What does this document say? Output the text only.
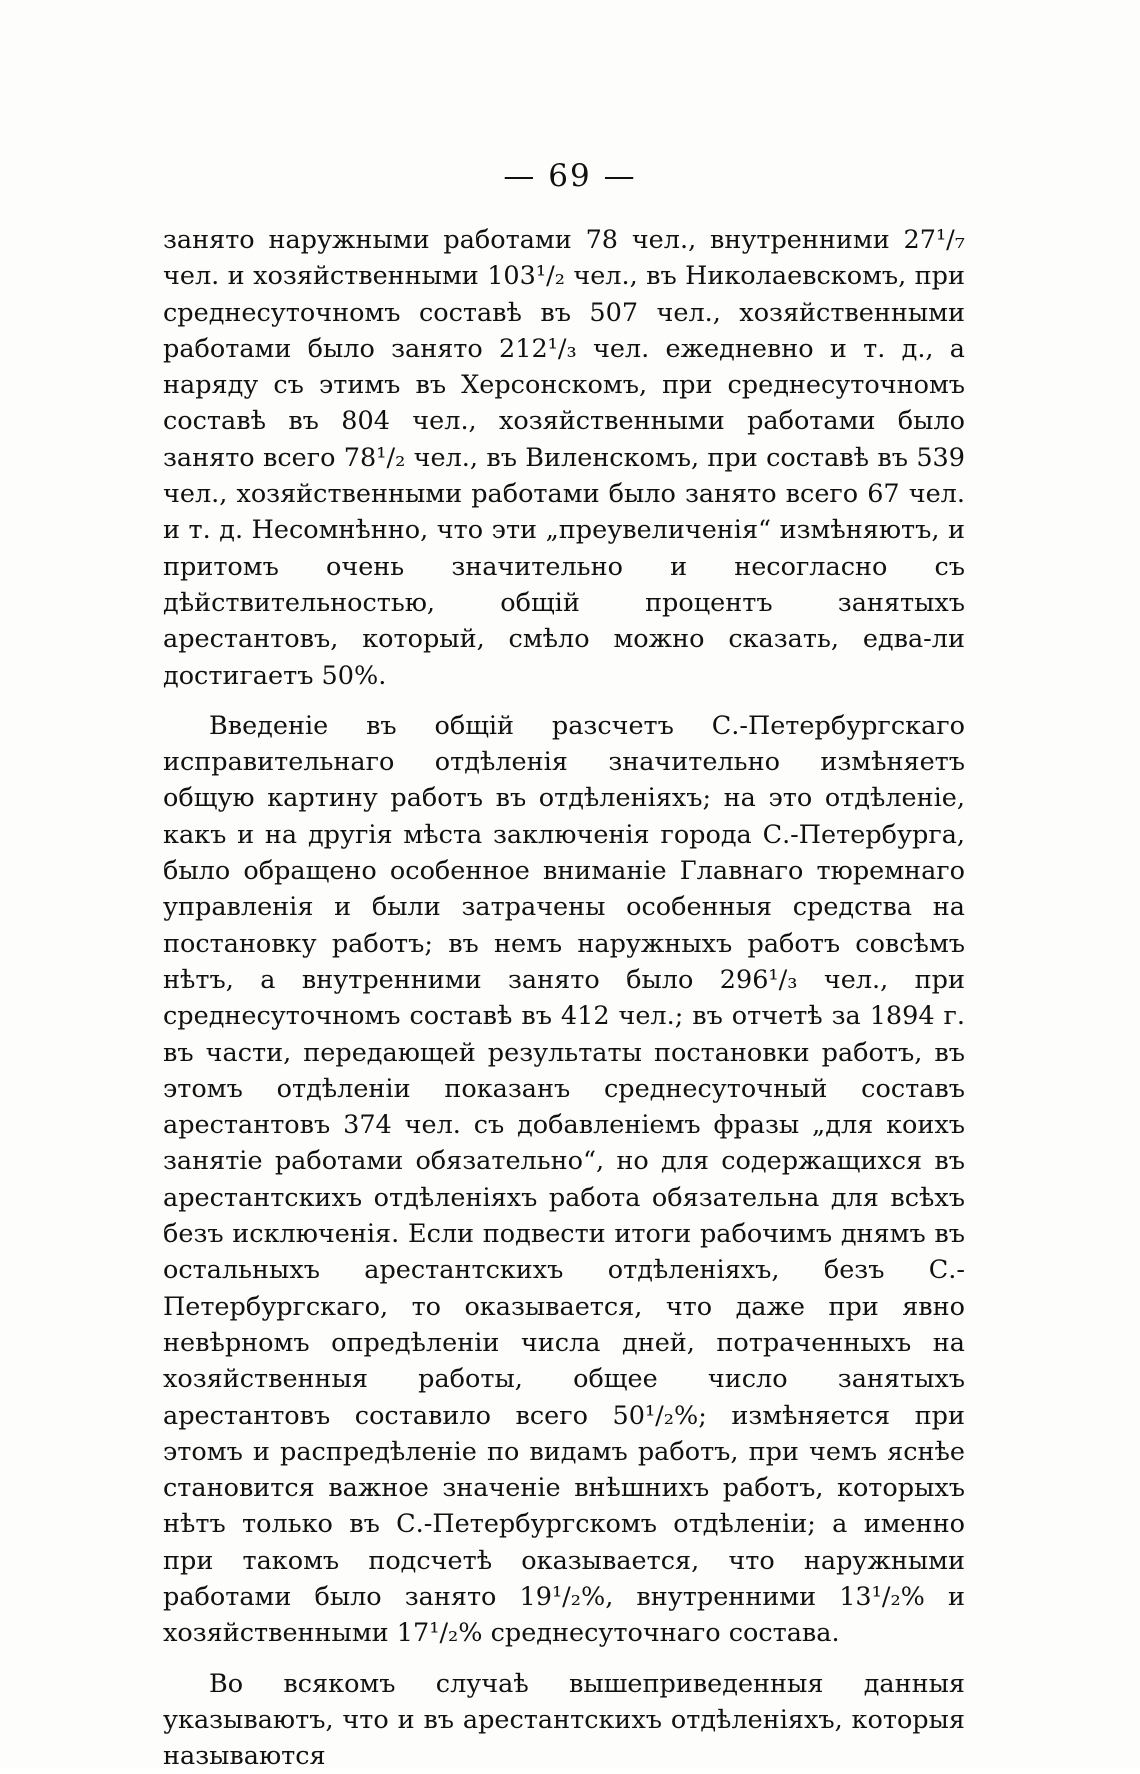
— 69 —

занято наружными работами 78 чел., внутренними 27¹/₇ чел. и хозяйственными 103¹/₂ чел., въ Николаевскомъ, при среднесуточномъ составѣ въ 507 чел., хозяйственными работами было занято 212¹/₃ чел. ежедневно и т. д., а наряду съ этимъ въ Херсонскомъ, при среднесуточномъ составѣ въ 804 чел., хозяйственными работами было занято всего 78¹/₂ чел., въ Виленскомъ, при составѣ въ 539 чел., хозяйственными работами было занято всего 67 чел. и т. д. Несомнѣнно, что эти „преувеличенія“ измѣняютъ, и притомъ очень значительно и несогласно съ дѣйствительностью, общій процентъ занятыхъ арестантовъ, который, смѣло можно сказать, едва-ли достигаетъ 50%.

Введеніе въ общій разсчетъ С.-Петербургскаго исправительнаго отдѣленія значительно измѣняетъ общую картину работъ въ отдѣленіяхъ; на это отдѣленіе, какъ и на другія мѣста заключенія города С.-Петербурга, было обращено особенное вниманіе Главнаго тюремнаго управленія и были затрачены особенныя средства на постановку работъ; въ немъ наружныхъ работъ совсѣмъ нѣтъ, а внутренними занято было 296¹/₃ чел., при среднесуточномъ составѣ въ 412 чел.; въ отчетѣ за 1894 г. въ части, передающей результаты постановки работъ, въ этомъ отдѣленіи показанъ среднесуточный составъ арестантовъ 374 чел. съ добавленіемъ фразы „для коихъ занятіе работами обязательно“, но для содержащихся въ арестантскихъ отдѣленіяхъ работа обязательна для всѣхъ безъ исключенія. Если подвести итоги рабочимъ днямъ въ остальныхъ арестантскихъ отдѣленіяхъ, безъ С.-Петербургскаго, то оказывается, что даже при явно невѣрномъ опредѣленіи числа дней, потраченныхъ на хозяйственныя работы, общее число занятыхъ арестантовъ составило всего 50¹/₂%; измѣняется при этомъ и распредѣленіе по видамъ работъ, при чемъ яснѣе становится важное значеніе внѣшнихъ работъ, которыхъ нѣтъ только въ С.-Петербургскомъ отдѣленіи; а именно при такомъ подсчетѣ оказывается, что наружными работами было занято 19¹/₂%, внутренними 13¹/₂% и хозяйственными 17¹/₂% среднесуточнаго состава.

Во всякомъ случаѣ вышеприведенныя данныя указываютъ, что и въ арестантскихъ отдѣленіяхъ, которыя называются
